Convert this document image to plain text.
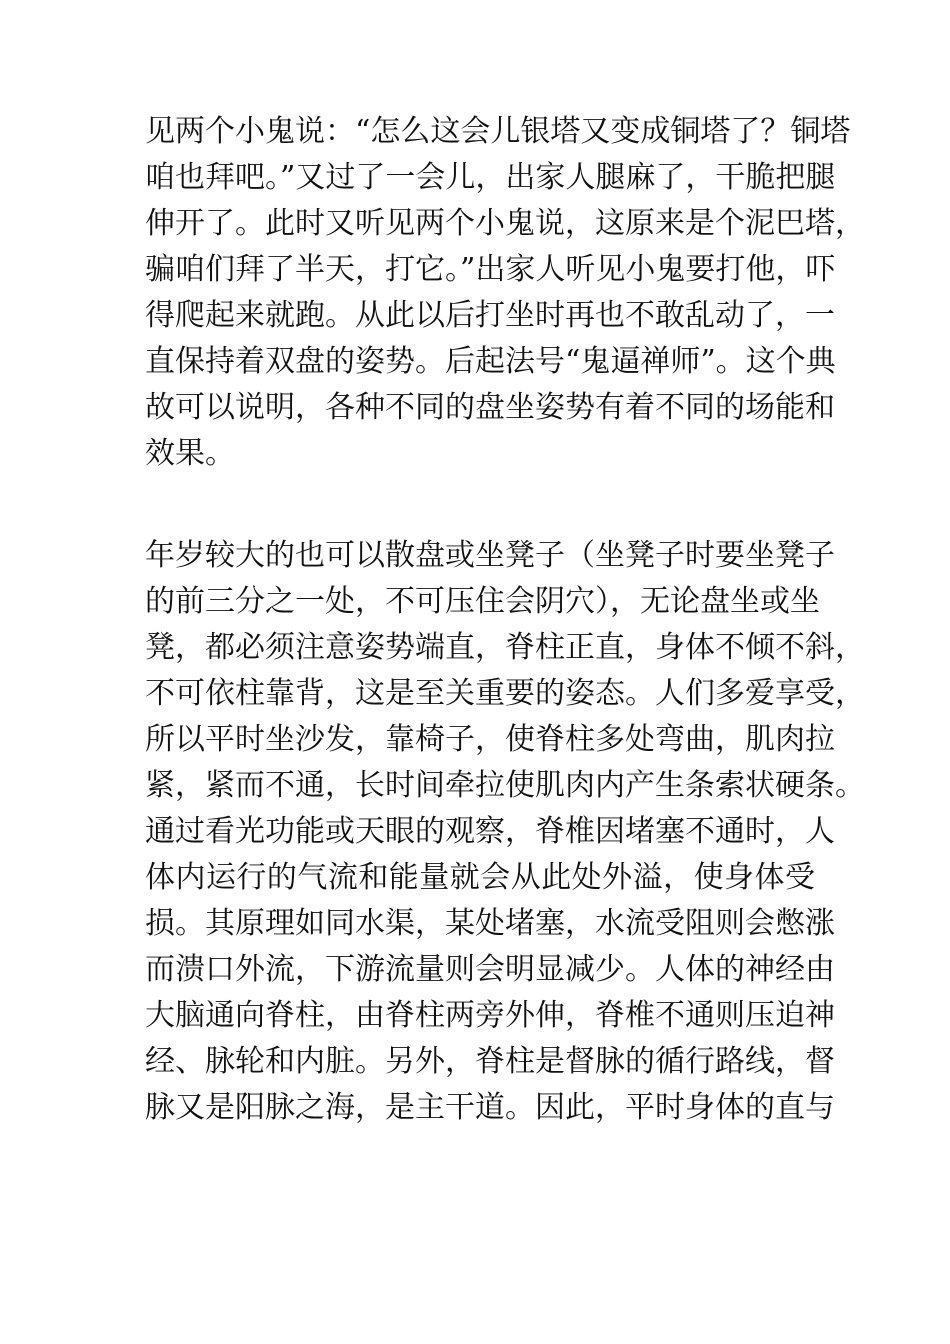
见两个小鬼说：“怎么这会儿银塔又变成铜塔了？铜塔
咱也拜吧。”又过了一会儿，出家人腿麻了，干脆把腿
伸开了。此时又听见两个小鬼说，这原来是个泥巴塔，
骗咱们拜了半天，打它。”出家人听见小鬼要打他，吓
得爬起来就跑。从此以后打坐时再也不敢乱动了，一
直保持着双盘的姿势。后起法号“鬼逼禅师”。这个典
故可以说明，各种不同的盘坐姿势有着不同的场能和
效果。
年岁较大的也可以散盘或坐凳子（坐凳子时要坐凳子
的前三分之一处，不可压住会阴穴），无论盘坐或坐
凳，都必须注意姿势端直，脊柱正直，身体不倾不斜，
不可依柱靠背，这是至关重要的姿态。人们多爱享受，
所以平时坐沙发，靠椅子，使脊柱多处弯曲，肌肉拉
紧，紧而不通，长时间牵拉使肌肉内产生条索状硬条。
通过看光功能或天眼的观察，脊椎因堵塞不通时，人
体内运行的气流和能量就会从此处外溢，使身体受
损。其原理如同水渠，某处堵塞，水流受阻则会憋涨
而溃口外流，下游流量则会明显减少。人体的神经由
大脑通向脊柱，由脊柱两旁外伸，脊椎不通则压迫神
经、脉轮和内脏。另外，脊柱是督脉的循行路线，督
脉又是阳脉之海，是主干道。因此，平时身体的直与
